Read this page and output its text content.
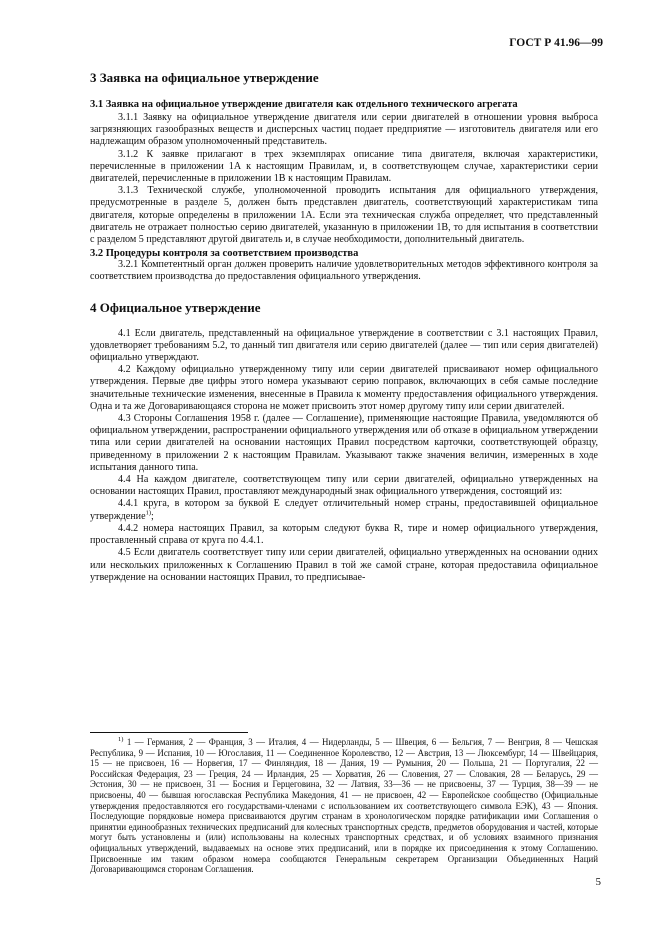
ГОСТ Р 41.96—99

3 Заявка на официальное утверждение

3.1 Заявка на официальное утверждение двигателя как отдельного технического агрегата

3.1.1 Заявку на официальное утверждение двигателя или серии двигателей в отношении уровня выброса загрязняющих газообразных веществ и дисперсных частиц подает предприятие — изготовитель двигателя или его надлежащим образом уполномоченный представитель.

3.1.2 К заявке прилагают в трех экземплярах описание типа двигателя, включая характеристики, перечисленные в приложении 1А к настоящим Правилам, и, в соответствующем случае, характеристики серии двигателей, перечисленные в приложении 1В к настоящим Правилам.

3.1.3 Технической службе, уполномоченной проводить испытания для официального утверждения, предусмотренные в разделе 5, должен быть представлен двигатель, соответствующий характеристикам типа двигателя, которые определены в приложении 1А. Если эта техническая служба определяет, что представленный двигатель не отражает полностью серию двигателей, указанную в приложении 1В, то для испытания в соответствии с разделом 5 представляют другой двигатель и, в случае необходимости, дополнительный двигатель.

3.2 Процедуры контроля за соответствием производства

3.2.1 Компетентный орган должен проверить наличие удовлетворительных методов эффективного контроля за соответствием производства до предоставления официального утверждения.

4 Официальное утверждение

4.1 Если двигатель, представленный на официальное утверждение в соответствии с 3.1 настоящих Правил, удовлетворяет требованиям 5.2, то данный тип двигателя или серию двигателей (далее — тип или серия двигателей) официально утверждают.

4.2 Каждому официально утвержденному типу или серии двигателей присваивают номер официального утверждения. Первые две цифры этого номера указывают серию поправок, включающих в себя самые последние значительные технические изменения, внесенные в Правила к моменту предоставления официального утверждения. Одна и та же Договаривающаяся сторона не может присвоить этот номер другому типу или серии двигателей.

4.3 Стороны Соглашения 1958 г. (далее — Соглашение), применяющие настоящие Правила, уведомляются об официальном утверждении, распространении официального утверждения или об отказе в официальном утверждении типа или серии двигателей на основании настоящих Правил посредством карточки, соответствующей образцу, приведенному в приложении 2 к настоящим Правилам. Указывают также значения величин, измеренных в ходе испытания данного типа.

4.4 На каждом двигателе, соответствующем типу или серии двигателей, официально утвержденных на основании настоящих Правил, проставляют международный знак официального утверждения, состоящий из:

4.4.1 круга, в котором за буквой Е следует отличительный номер страны, предоставившей официальное утверждение$^{1)}$;

4.4.2 номера настоящих Правил, за которым следуют буква R, тире и номер официального утверждения, проставленный справа от круга по 4.4.1.

4.5 Если двигатель соответствует типу или серии двигателей, официально утвержденных на основании одних или нескольких приложенных к Соглашению Правил в той же самой стране, которая предоставила официальное утверждение на основании настоящих Правил, то предписывае-

$^{1)}$ 1 — Германия, 2 — Франция, 3 — Италия, 4 — Нидерланды, 5 — Швеция, 6 — Бельгия, 7 — Венгрия, 8 — Чешская Республика, 9 — Испания, 10 — Югославия, 11 — Соединенное Королевство, 12 — Австрия, 13 — Люксембург, 14 — Швейцария, 15 — не присвоен, 16 — Норвегия, 17 — Финляндия, 18 — Дания, 19 — Румыния, 20 — Польша, 21 — Португалия, 22 — Российская Федерация, 23 — Греция, 24 — Ирландия, 25 — Хорватия, 26 — Словения, 27 — Словакия, 28 — Беларусь, 29 — Эстония, 30 — не присвоен, 31 — Босния и Герцеговина, 32 — Латвия, 33—36 — не присвоены, 37 — Турция, 38—39 — не присвоены, 40 — бывшая югославская Республика Македония, 41 — не присвоен, 42 — Европейское сообщество (Официальные утверждения предоставляются его государствами-членами с использованием их соответствующего символа ЕЭК), 43 — Япония. Последующие порядковые номера присваиваются другим странам в хронологическом порядке ратификации ими Соглашения о принятии единообразных технических предписаний для колесных транспортных средств, предметов оборудования и частей, которые могут быть установлены и (или) использованы на колесных транспортных средствах, и об условиях взаимного признания официальных утверждений, выдаваемых на основе этих предписаний, или в порядке их присоединения к этому Соглашению. Присвоенные им таким образом номера сообщаются Генеральным секретарем Организации Объединенных Наций Договаривающимся сторонам Соглашения.

5
